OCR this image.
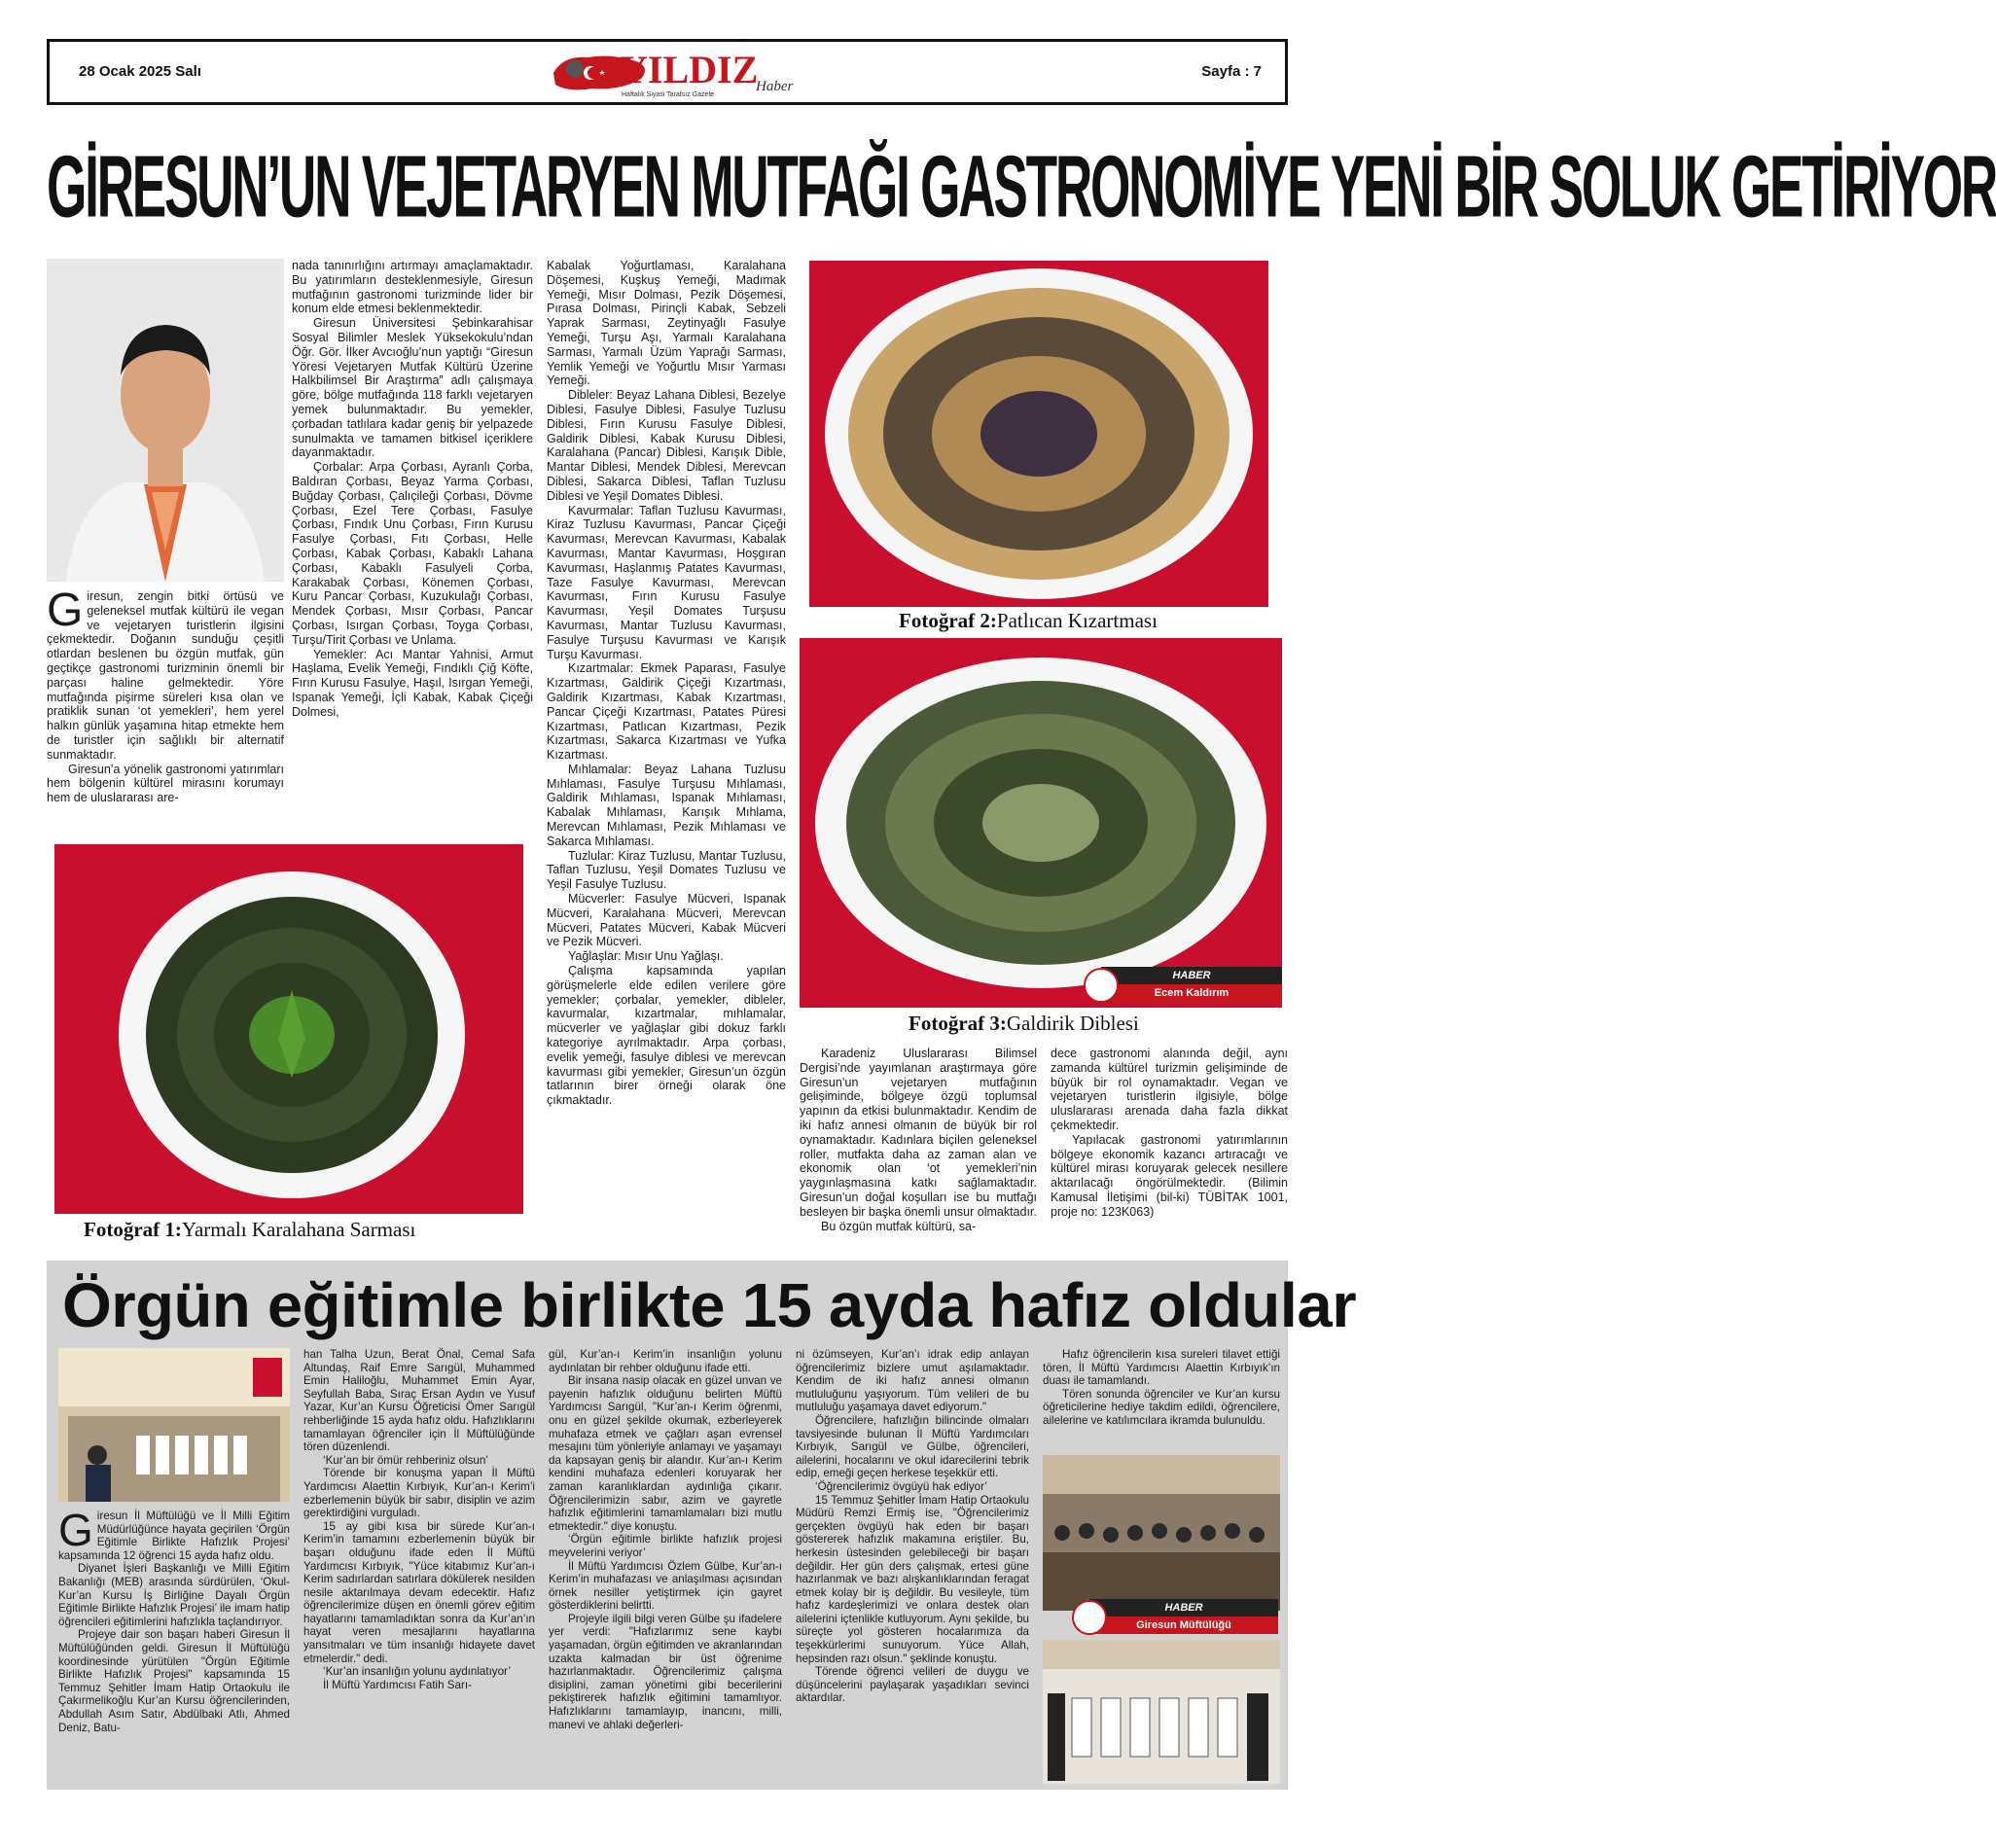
28 Ocak 2025 Salı	YILDIZ
Haftalık Siyasi Tarafsız Gazete
Haber
Sayfa : 7
GİRESUN’UN VEJETARYEN MUTFAĞI GASTRONOMİYE YENİ BİR SOLUK GETİRİYOR
G iresun, zengin bitki örtüsü ve geleneksel mutfak kültürü ile vegan ve vejetaryen turistlerin ilgisini çekmektedir. Doğanın sunduğu çeşitli otlardan beslenen bu özgün mutfak, gün geçtikçe gastronomi turizminin önemli bir parçası haline gelmektedir. Yöre mutfağında pişirme süreleri kısa olan ve pratiklik sunan ‘ot yemekleri’, hem yerel halkın günlük yaşamına hitap etmekte hem de turistler için sağlıklı bir alternatif sunmaktadır.

Giresun’a yönelik gastronomi yatırımları hem bölgenin kültürel mirasını korumayı hem de uluslararası are-

nada tanınırlığını artırmayı amaçlamaktadır. Bu yatırımların desteklenmesiyle, Giresun mutfağının gastronomi turizminde lider bir konum elde etmesi beklenmektedir.

Giresun Üniversitesi Şebinkarahisar Sosyal Bilimler Meslek Yüksekokulu’ndan Öğr. Gör. İlker Avcıoğlu’nun yaptığı “Giresun Yöresi Vejetaryen Mutfak Kültürü Üzerine Halkbilimsel Bir Araştırma” adlı çalışmaya göre, bölge mutfağında 118 farklı vejetaryen yemek bulunmaktadır. Bu yemekler, çorbadan tatlılara kadar geniş bir yelpazede sunulmakta ve tamamen bitkisel içeriklere dayanmaktadır.

Çorbalar: Arpa Çorbası, Ayranlı Çorba, Baldıran Çorbası, Beyaz Yarma Çorbası, Buğday Çorbası, Çalıçileği Çorbası, Dövme Çorbası, Ezel Tere Çorbası, Fasulye Çorbası, Fındık Unu Çorbası, Fırın Kurusu Fasulye Çorbası, Fıtı Çorbası, Helle Çorbası, Kabak Çorbası, Kabaklı Lahana Çorbası, Kabaklı Fasulyeli Çorba, Karakabak Çorbası, Könemen Çorbası, Kuru Pancar Çorbası, Kuzukulağı Çorbası, Mendek Çorbası, Mısır Çorbası, Pancar Çorbası, Isırgan Çorbası, Toyga Çorbası, Turşu/Tirit Çorbası ve Unlama.

Yemekler: Acı Mantar Yahnisi, Armut Haşlama, Evelik Yemeği, Fındıklı Çiğ Köfte, Fırın Kurusu Fasulye, Haşıl, Isırgan Yemeği, Ispanak Yemeği, İçli Kabak, Kabak Çiçeği Dolmesi,

Kabalak Yoğurtlaması, Karalahana Döşemesi, Kuşkuş Yemeği, Madımak Yemeği, Mısır Dolması, Pezik Döşemesi, Pırasa Dolması, Pirinçli Kabak, Sebzeli Yaprak Sarması, Zeytinyağlı Fasulye Yemeği, Turşu Aşı, Yarmalı Karalahana Sarması, Yarmalı Üzüm Yaprağı Sarması, Yemlik Yemeği ve Yoğurtlu Mısır Yarması Yemeği.

Dibleler: Beyaz Lahana Diblesi, Bezelye Diblesi, Fasulye Diblesi, Fasulye Tuzlusu Diblesi, Fırın Kurusu Fasulye Diblesi, Galdirik Diblesi, Kabak Kurusu Diblesi, Karalahana (Pancar) Diblesi, Karışık Dible, Mantar Diblesi, Mendek Diblesi, Merevcan Diblesi, Sakarca Diblesi, Taflan Tuzlusu Diblesi ve Yeşil Domates Diblesi.

Kavurmalar: Taflan Tuzlusu Kavurması, Kiraz Tuzlusu Kavurması, Pancar Çiçeği Kavurması, Merevcan Kavurması, Kabalak Kavurması, Mantar Kavurması, Hoşgıran Kavurması, Haşlanmış Patates Kavurması, Taze Fasulye Kavurması, Merevcan Kavurması, Fırın Kurusu Fasulye Kavurması, Yeşil Domates Turşusu Kavurması, Mantar Tuzlusu Kavurması, Fasulye Turşusu Kavurması ve Karışık Turşu Kavurması.

Kızartmalar: Ekmek Paparası, Fasulye Kızartması, Galdirik Çiçeği Kızartması, Galdirik Kızartması, Kabak Kızartması, Pancar Çiçeği Kızartması, Patates Püresi Kızartması, Patlıcan Kızartması, Pezik Kızartması, Sakarca Kızartması ve Yufka Kızartması.

Mıhlamalar: Beyaz Lahana Tuzlusu Mıhlaması, Fasulye Turşusu Mıhlaması, Galdirik Mıhlaması, Ispanak Mıhlaması, Kabalak Mıhlaması, Karışık Mıhlama, Merevcan Mıhlaması, Pezik Mıhlaması ve Sakarca Mıhlaması.

Tuzlular: Kiraz Tuzlusu, Mantar Tuzlusu, Taflan Tuzlusu, Yeşil Domates Tuzlusu ve Yeşil Fasulye Tuzlusu.

Mücverler: Fasulye Mücveri, Ispanak Mücveri, Karalahana Mücveri, Merevcan Mücveri, Patates Mücveri, Kabak Mücveri ve Pezik Mücveri.

Yağlaşlar: Mısır Unu Yağlaşı.

Çalışma kapsamında yapılan görüşmelerle elde edilen verilere göre yemekler; çorbalar, yemekler, dibleler, kavurmalar, kızartmalar, mıhlamalar, mücverler ve yağlaşlar gibi dokuz farklı kategoriye ayrılmaktadır. Arpa çorbası, evelik yemeği, fasulye diblesi ve merevcan kavurması gibi yemekler, Giresun’un özgün tatlarının birer örneği olarak öne çıkmaktadır.

Fotoğraf 1:Yarmalı Karalahana Sarması
Fotoğraf 2:Patlıcan Kızartması
HABER
Ecem Kaldırım
Fotoğraf 3:Galdirik Diblesi

Karadeniz Uluslararası Bilimsel Dergisi’nde yayımlanan araştırmaya göre Giresun’un vejetaryen mutfağının gelişiminde, bölgeye özgü toplumsal yapının da etkisi bulunmaktadır. Kendim de iki hafız annesi olmanın de büyük bir rol oynamaktadır. Kadınlara biçilen geleneksel roller, mutfakta daha az zaman alan ve ekonomik olan ‘ot yemekleri’nin yaygınlaşmasına katkı sağlamaktadır. Giresun’un doğal koşulları ise bu mutfağı besleyen bir başka önemli unsur olmaktadır.

Bu özgün mutfak kültürü, sa-

dece gastronomi alanında değil, aynı zamanda kültürel turizmin gelişiminde de büyük bir rol oynamaktadır. Vegan ve vejetaryen turistlerin ilgisiyle, bölge uluslararası arenada daha fazla dikkat çekmektedir.

Yapılacak gastronomi yatırımlarının bölgeye ekonomik kazancı artıracağı ve kültürel mirası koruyarak gelecek nesillere aktarılacağı öngörülmektedir. (Bilimin Kamusal İletişimi (bil-ki) TÜBİTAK 1001, proje no: 123K063)

Örgün eğitimle birlikte 15 ayda hafız oldular
G iresun İl Müftülüğü ve İl Milli Eğitim Müdürlüğünce hayata geçirilen ‘Örgün Eğitimle Birlikte Hafızlık Projesi’ kapsamında 12 öğrenci 15 ayda hafız oldu.

Diyanet İşleri Başkanlığı ve Milli Eğitim Bakanlığı (MEB) arasında sürdürülen, ‘Okul-Kur’an Kursu İş Birliğine Dayalı Örgün Eğitimle Birlikte Hafızlık Projesi’ ile imam hatip öğrencileri eğitimlerini hafızlıkla taçlandırıyor.

Projeye dair son başarı haberi Giresun İl Müftülüğünden geldi. Giresun İl Müftülüğü koordinesinde yürütülen "Örgün Eğitimle Birlikte Hafızlık Projesi" kapsamında 15 Temmuz Şehitler İmam Hatip Ortaokulu ile Çakırmelikoğlu Kur’an Kursu öğrencilerinden, Abdullah Asım Satır, Abdülbaki Atlı, Ahmed Deniz, Batu-

han Talha Uzun, Berat Önal, Cemal Safa Altundaş, Raif Emre Sarıgül, Muhammed Emin Haliloğlu, Muhammet Emin Ayar, Seyfullah Baba, Sıraç Ersan Aydın ve Yusuf Yazar, Kur’an Kursu Öğreticisi Ömer Sarıgül rehberliğinde 15 ayda hafız oldu. Hafızlıklarını tamamlayan öğrenciler için İl Müftülüğünde tören düzenlendi.

‘Kur’an bir ömür rehberiniz olsun’

Törende bir konuşma yapan İl Müftü Yardımcısı Alaettin Kırbıyık, Kur’an-ı Kerim’i ezberlemenin büyük bir sabır, disiplin ve azim gerektirdiğini vurguladı.

15 ay gibi kısa bir sürede Kur’an-ı Kerim’in tamamını ezberlemenin büyük bir başarı olduğunu ifade eden İl Müftü Yardımcısı Kırbıyık, "Yüce kitabımız Kur’an-ı Kerim sadırlardan satırlara dökülerek nesilden nesile aktarılmaya devam edecektir. Hafız öğrencilerimize düşen en önemli görev eğitim hayatlarını tamamladıktan sonra da Kur’an’ın hayat veren mesajlarını hayatlarına yansıtmaları ve tüm insanlığı hidayete davet etmelerdir." dedi.

‘Kur’an insanlığın yolunu aydınlatıyor’

İl Müftü Yardımcısı Fatih Sarı-

gül, Kur’an-ı Kerim’in insanlığın yolunu aydınlatan bir rehber olduğunu ifade etti.

Bir insana nasip olacak en güzel unvan ve payenin hafızlık olduğunu belirten Müftü Yardımcısı Sarıgül, "Kur’an-ı Kerim öğrenmi, onu en güzel şekilde okumak, ezberleyerek muhafaza etmek ve çağları aşan evrensel mesajını tüm yönleriyle anlamayı ve yaşamayı da kapsayan geniş bir alandır. Kur’an-ı Kerim kendini muhafaza edenleri koruyarak her zaman karanlıklardan aydınlığa çıkarır. Öğrencilerimizin sabır, azim ve gayretle hafızlık eğitimlerini tamamlamaları bizi mutlu etmektedir." diye konuştu.

‘Örgün eğitimle birlikte hafızlık projesi meyvelerini veriyor’

İl Müftü Yardımcısı Özlem Gülbe, Kur’an-ı Kerim’in muhafazası ve anlaşılması açısından örnek nesiller yetiştirmek için gayret gösterdiklerini belirtti.

Projeyle ilgili bilgi veren Gülbe şu ifadelere yer verdi: "Hafızlarımız sene kaybı yaşamadan, örgün eğitimden ve akranlarından uzakta kalmadan bir üst öğrenime hazırlanmaktadır. Öğrencilerimiz çalışma disiplini, zaman yönetimi gibi becerilerini pekiştirerek hafızlık eğitimini tamamlıyor. Hafızlıklarını tamamlayıp, inancını, milli, manevi ve ahlaki değerleri-

ni özümseyen, Kur’an’ı idrak edip anlayan öğrencilerimiz bizlere umut aşılamaktadır. Kendim de iki hafız annesi olmanın mutluluğunu yaşıyorum. Tüm velileri de bu mutluluğu yaşamaya davet ediyorum."

Öğrencilere, hafızlığın bilincinde olmaları tavsiyesinde bulunan İl Müftü Yardımcıları Kırbıyık, Sarıgül ve Gülbe, öğrencileri, ailelerini, hocalarını ve okul idarecilerini tebrik edip, emeği geçen herkese teşekkür etti.

‘Öğrencilerimiz övgüyü hak ediyor’

15 Temmuz Şehitler İmam Hatip Ortaokulu Müdürü Remzi Ermiş ise, "Öğrencilerimiz gerçekten övgüyü hak eden bir başarı göstererek hafızlık makamına eriştiler. Bu, herkesin üstesinden gelebileceği bir başarı değildir. Her gün ders çalışmak, ertesi güne hazırlanmak ve bazı alışkanlıklarından feragat etmek kolay bir iş değildir. Bu vesileyle, tüm hafız kardeşlerimizi ve onlara destek olan ailelerini içtenlikle kutluyorum. Aynı şekilde, bu süreçte yol gösteren hocalarımıza da teşekkürlerimi sunuyorum. Yüce Allah, hepsinden razı olsun." şeklinde konuştu.

Törende öğrenci velileri de duygu ve düşüncelerini paylaşarak yaşadıkları sevinci aktardılar.

Hafız öğrencilerin kısa sureleri tilavet ettiği tören, İl Müftü Yardımcısı Alaettin Kırbıyık’ın duası ile tamamlandı.

Tören sonunda öğrenciler ve Kur’an kursu öğreticilerine hediye takdim edildi, öğrencilere, ailelerine ve katılımcılara ikramda bulunuldu.

HABER
Giresun Müftülüğü
